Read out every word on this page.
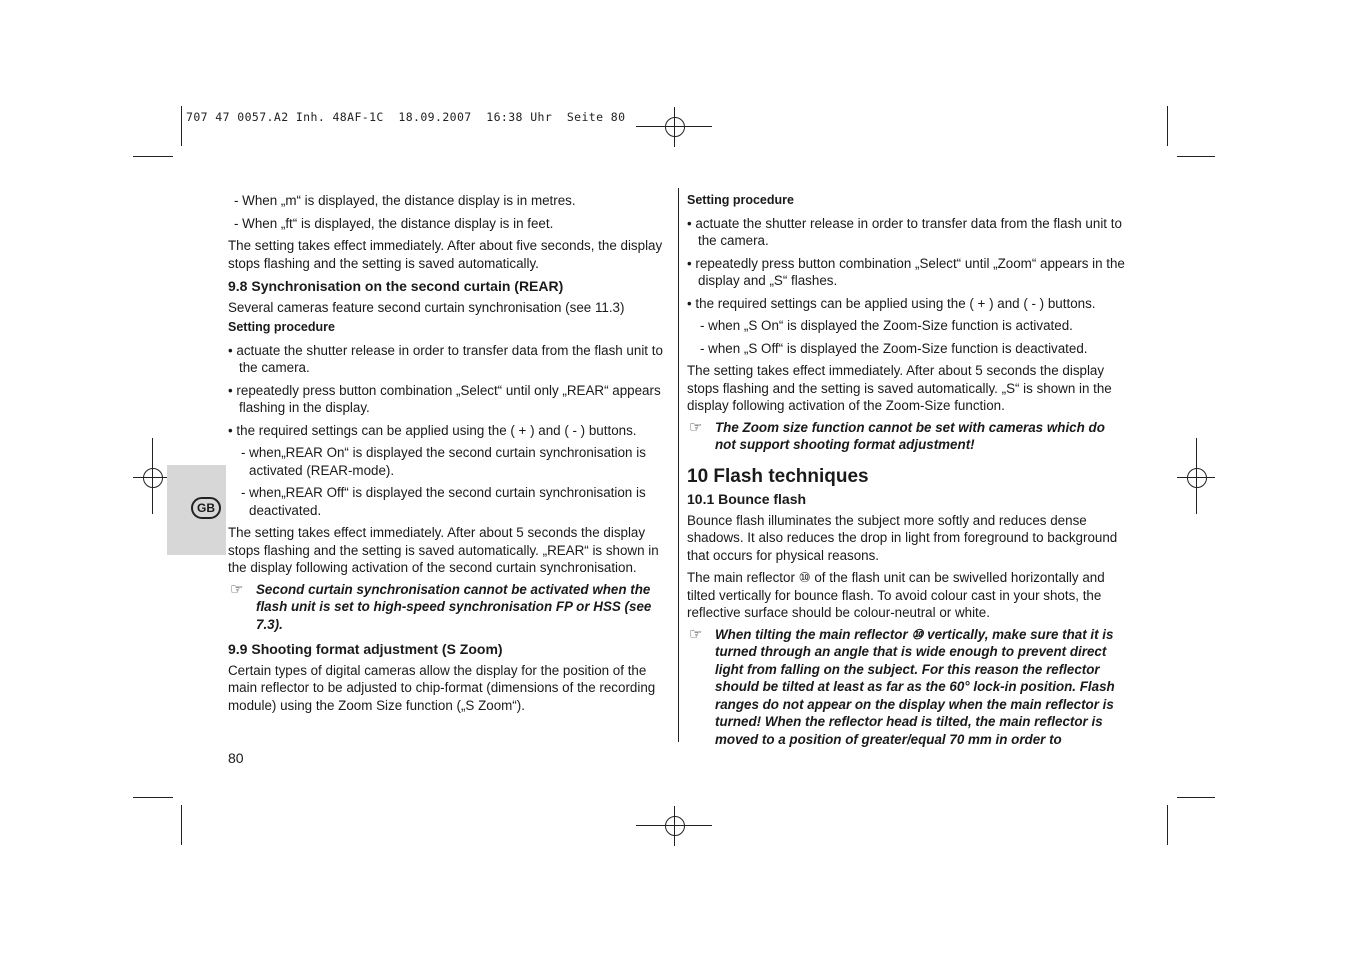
707 47 0057.A2 Inh. 48AF-1C  18.09.2007  16:38 Uhr  Seite 80
GB

- When „m“ is displayed, the distance display is in metres.

- When „ft“ is displayed, the distance display is in feet.

The setting takes effect immediately. After about five seconds, the display stops flashing and the setting is saved automatically.

9.8 Synchronisation on the second curtain (REAR)

Several cameras feature second curtain synchronisation (see 11.3)

Setting procedure

• actuate the shutter release in order to transfer data from the flash unit to the camera.

• repeatedly press button combination „Select“ until only „REAR“ appears flashing in the display.

• the required settings can be applied using the ( + ) and ( - ) buttons.

- when„REAR On“ is displayed the second curtain synchronisation is activated (REAR-mode).

- when„REAR Off“ is displayed the second curtain synchronisation is deactivated.

The setting takes effect immediately. After about 5 seconds the display stops flashing and the setting is saved automatically. „REAR“ is shown in the display following activation of the second curtain synchronisation.

☞ Second curtain synchronisation cannot be activated when the flash unit is set to high-speed synchronisation FP or HSS (see 7.3).

9.9 Shooting format adjustment (S Zoom)

Certain types of digital cameras allow the display for the position of the main reflector to be adjusted to chip-format (dimensions of the recording module) using the Zoom Size function („S Zoom“).

Setting procedure

• actuate the shutter release in order to transfer data from the flash unit to the camera.

• repeatedly press button combination „Select“ until „Zoom“ appears in the display and „S“ flashes.

• the required settings can be applied using the ( + ) and ( - ) buttons.

- when „S On“ is displayed the Zoom-Size function is activated.

- when „S Off“ is displayed the Zoom-Size function is deactivated.

The setting takes effect immediately. After about 5 seconds the display stops flashing and the setting is saved automatically. „S“ is shown in the display following activation of the Zoom-Size function.

☞ The Zoom size function cannot be set with cameras which do not support shooting format adjustment!

10 Flash techniques

10.1 Bounce flash

Bounce flash illuminates the subject more softly and reduces dense shadows. It also reduces the drop in light from foreground to background that occurs for physical reasons.

The main reflector ⑩ of the flash unit can be swivelled horizontally and tilted vertically for bounce flash. To avoid colour cast in your shots, the reflective surface should be colour-neutral or white.

☞ When tilting the main reflector ⑩ vertically, make sure that it is turned through an angle that is wide enough to prevent direct light from falling on the subject. For this reason the reflector should be tilted at least as far as the 60° lock-in position. Flash ranges do not appear on the display when the main reflector is turned! When the reflector head is tilted, the main reflector is moved to a position of greater/equal 70 mm in order to
80
